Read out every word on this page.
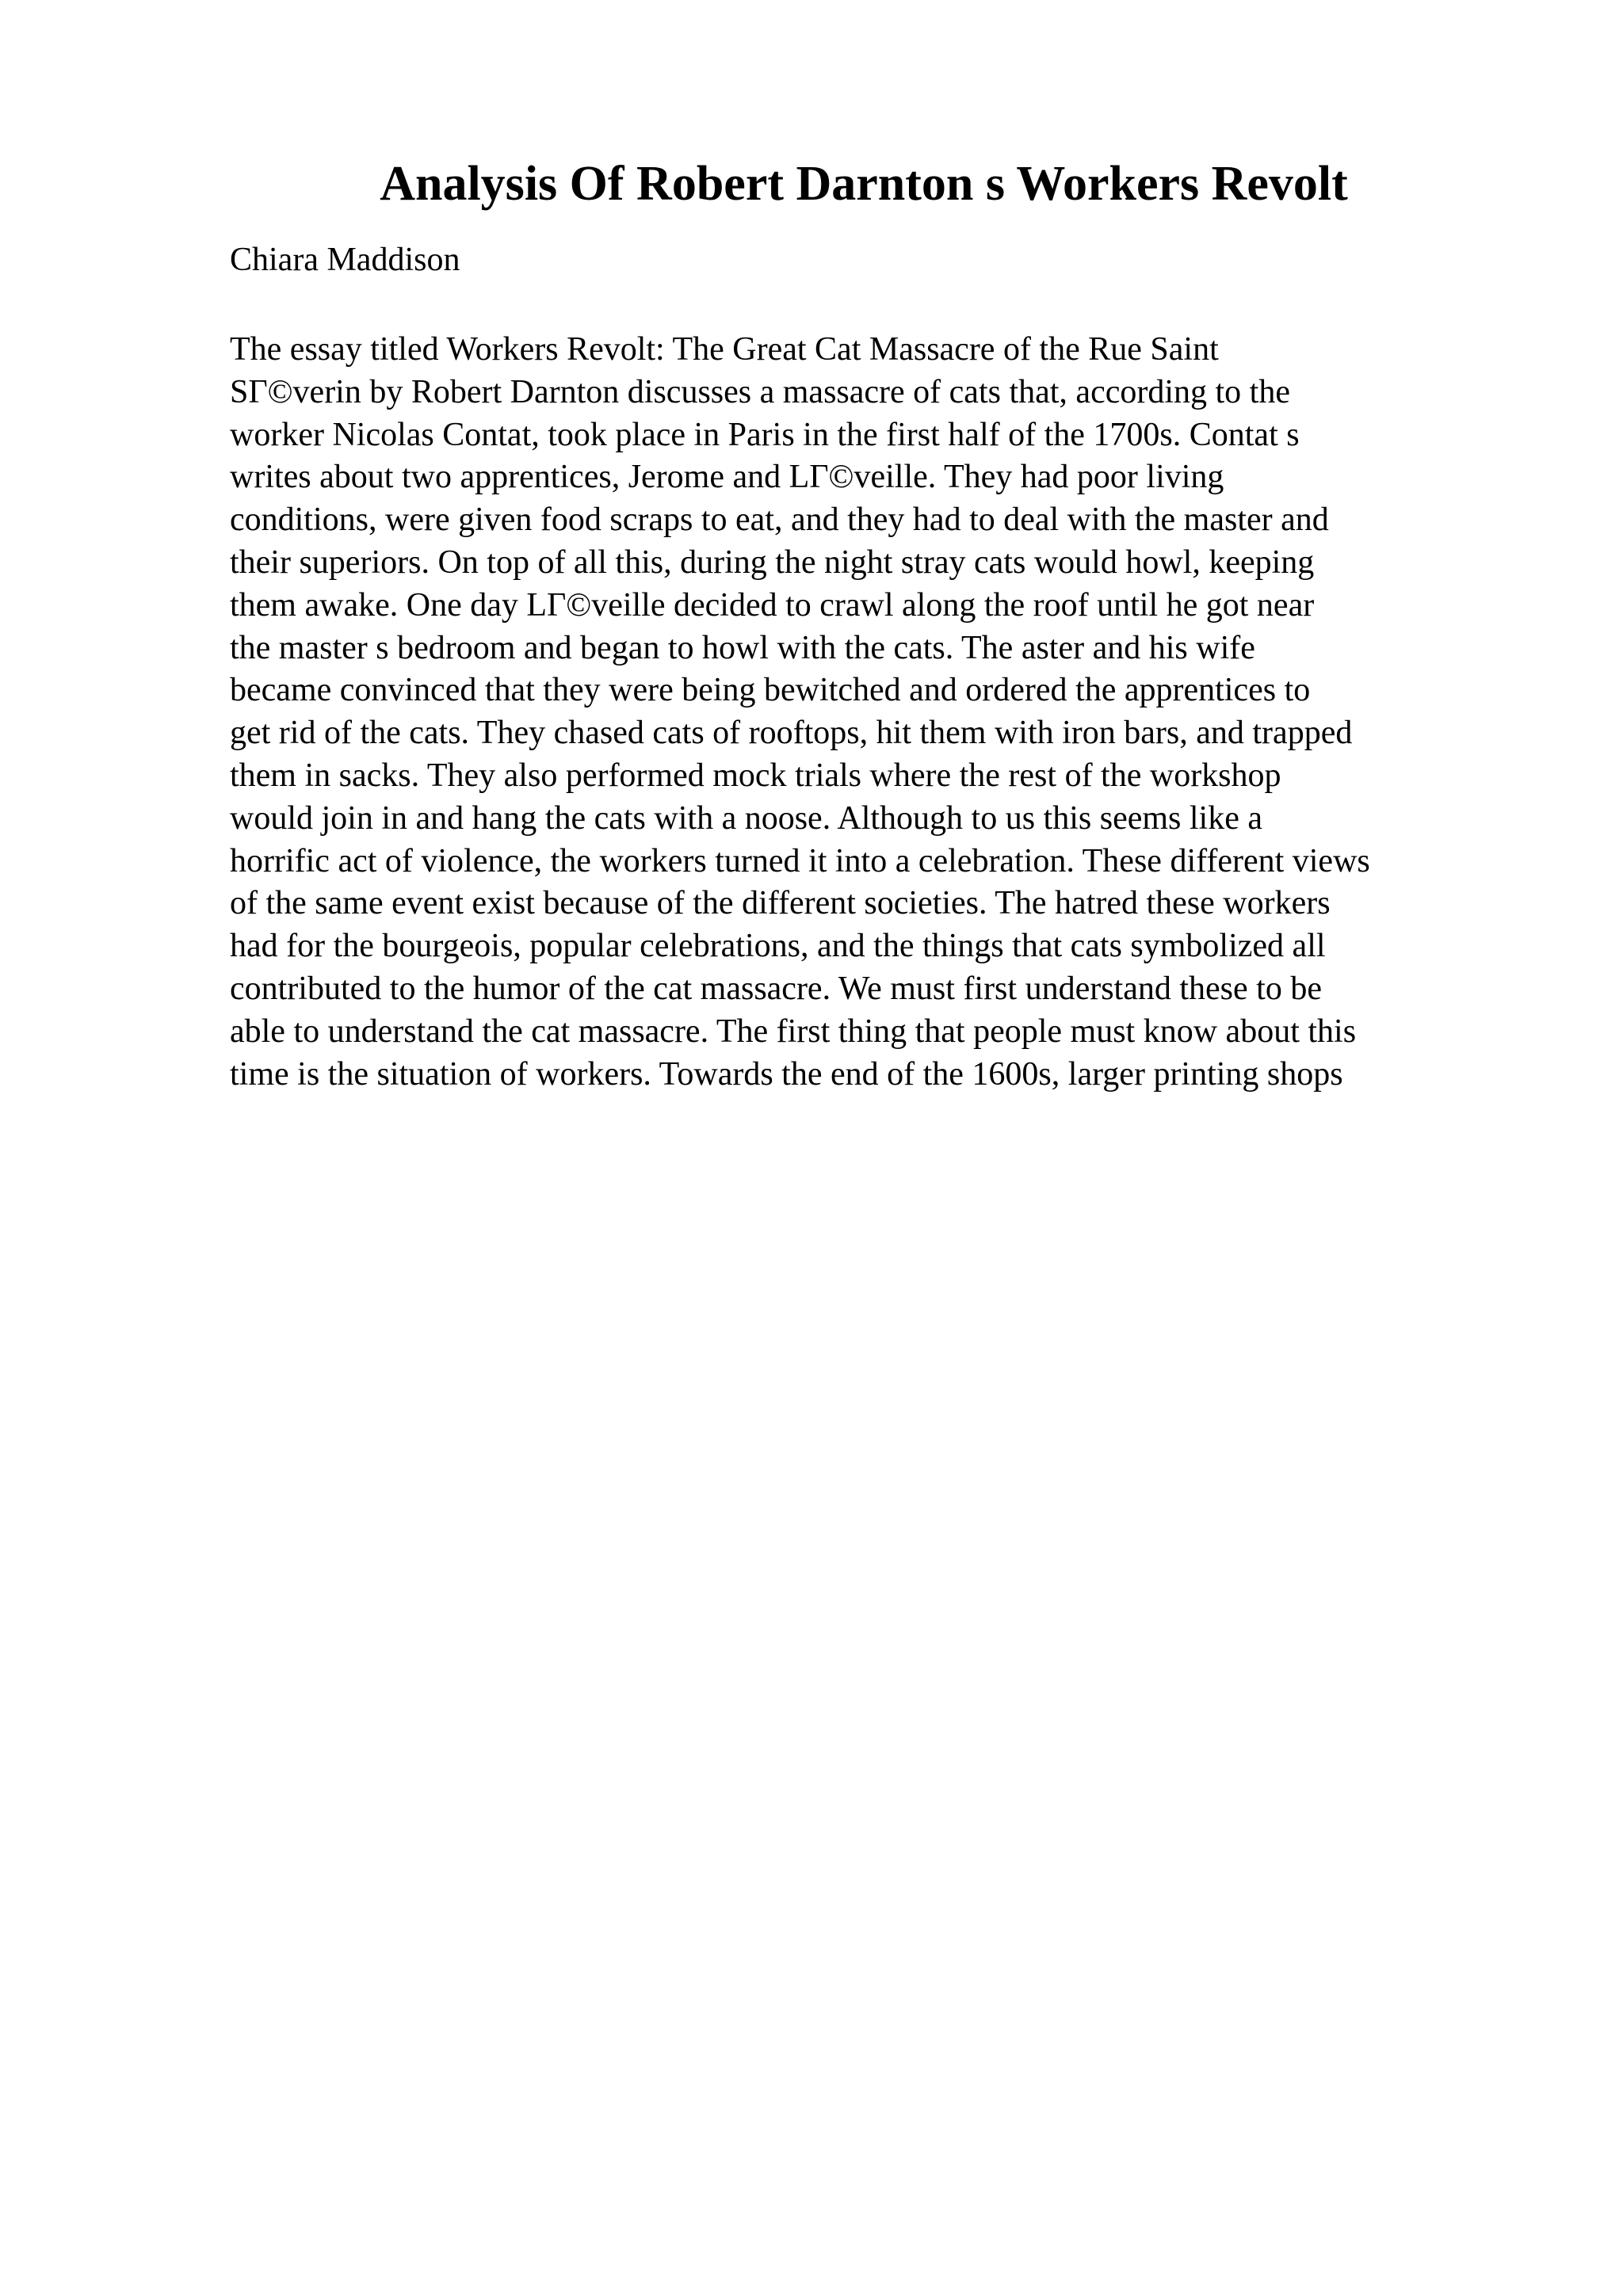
Analysis Of Robert Darnton s Workers Revolt

Chiara Maddison

The essay titled Workers Revolt: The Great Cat Massacre of the Rue Saint
SГ©verin by Robert Darnton discusses a massacre of cats that, according to the
worker Nicolas Contat, took place in Paris in the first half of the 1700s. Contat s
writes about two apprentices, Jerome and LГ©veille. They had poor living
conditions, were given food scraps to eat, and they had to deal with the master and
their superiors. On top of all this, during the night stray cats would howl, keeping
them awake. One day LГ©veille decided to crawl along the roof until he got near
the master s bedroom and began to howl with the cats. The aster and his wife
became convinced that they were being bewitched and ordered the apprentices to
get rid of the cats. They chased cats of rooftops, hit them with iron bars, and trapped
them in sacks. They also performed mock trials where the rest of the workshop
would join in and hang the cats with a noose. Although to us this seems like a
horrific act of violence, the workers turned it into a celebration. These different views
of the same event exist because of the different societies. The hatred these workers
had for the bourgeois, popular celebrations, and the things that cats symbolized all
contributed to the humor of the cat massacre. We must first understand these to be
able to understand the cat massacre. The first thing that people must know about this
time is the situation of workers. Towards the end of the 1600s, larger printing shops
